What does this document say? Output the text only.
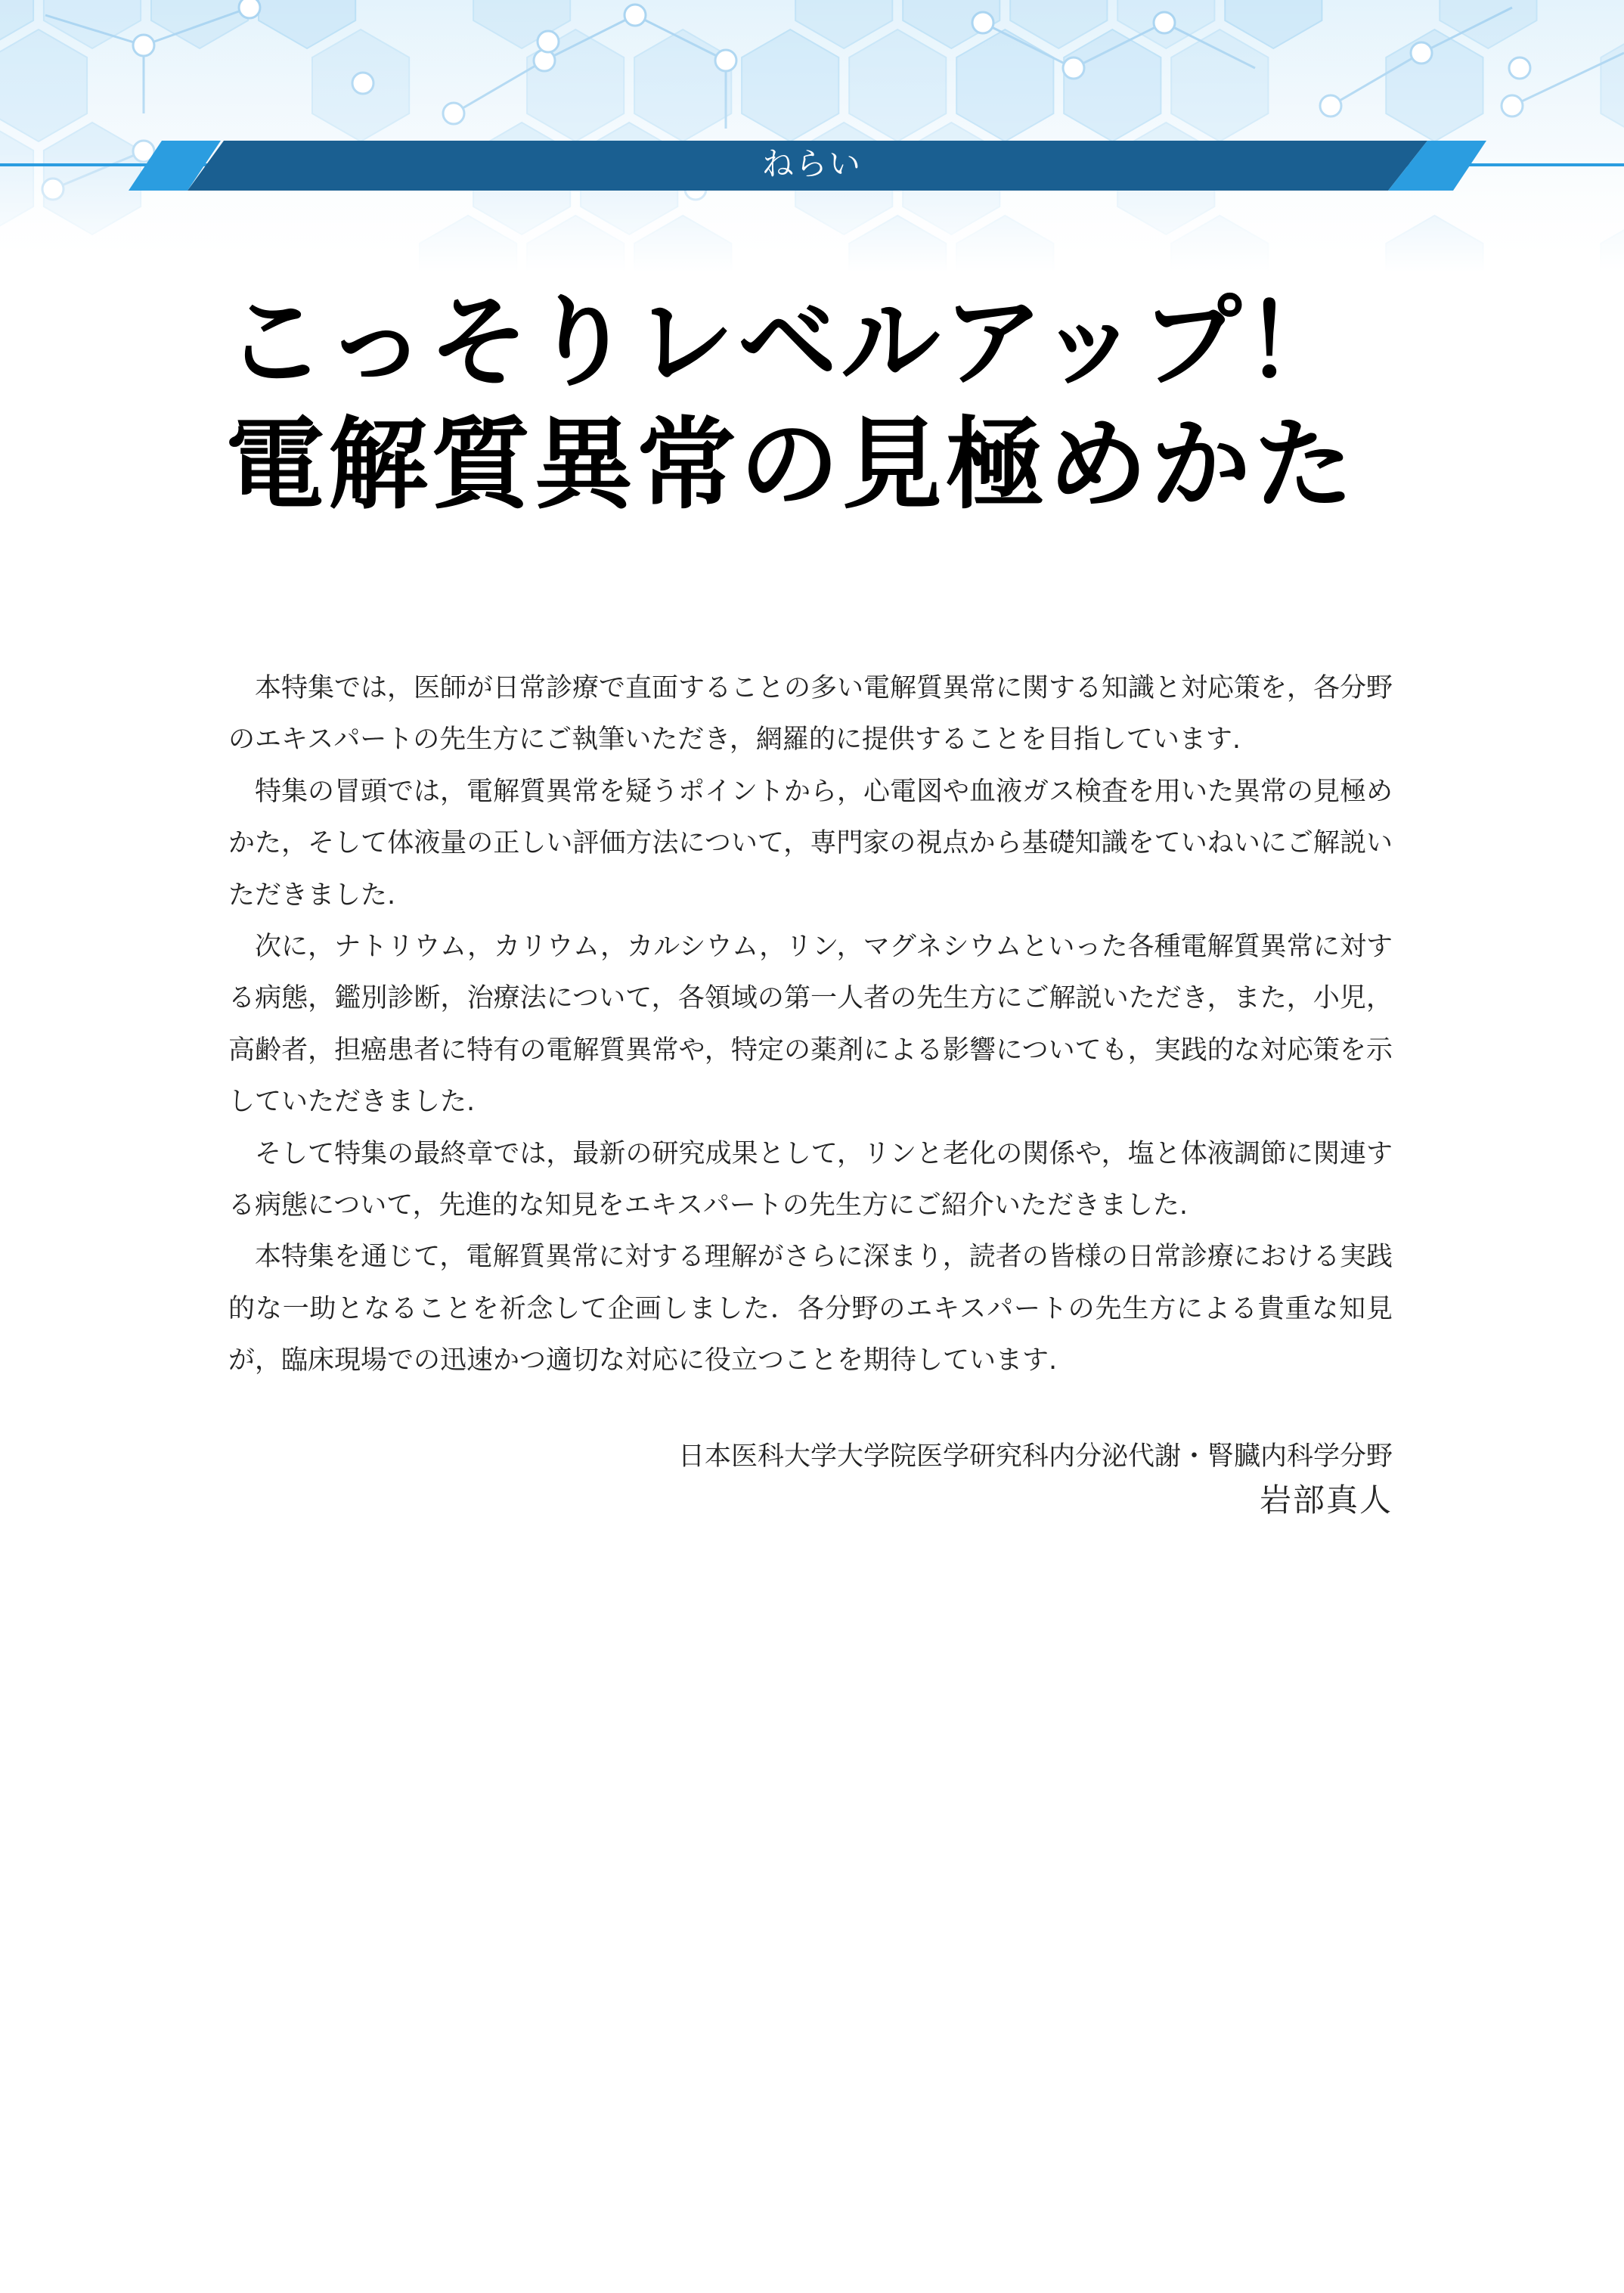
ねらい
こっそりレベルアップ！
電解質異常の見極めかた

本特集では，医師が日常診療で直面することの多い電解質異常に関する知識と対応策を，各分野のエキスパートの先生方にご執筆いただき，網羅的に提供することを目指しています.

特集の冒頭では，電解質異常を疑うポイントから，心電図や血液ガス検査を用いた異常の見極めかた，そして体液量の正しい評価方法について，専門家の視点から基礎知識をていねいにご解説いただきました.

次に，ナトリウム，カリウム，カルシウム，リン，マグネシウムといった各種電解質異常に対する病態，鑑別診断，治療法について，各領域の第一人者の先生方にご解説いただき，また，小児，高齢者，担癌患者に特有の電解質異常や，特定の薬剤による影響についても，実践的な対応策を示していただきました.

そして特集の最終章では，最新の研究成果として，リンと老化の関係や，塩と体液調節に関連する病態について，先進的な知見をエキスパートの先生方にご紹介いただきました.

本特集を通じて，電解質異常に対する理解がさらに深まり，読者の皆様の日常診療における実践的な一助となることを祈念して企画しました．各分野のエキスパートの先生方による貴重な知見が，臨床現場での迅速かつ適切な対応に役立つことを期待しています.

日本医科大学大学院医学研究科内分泌代謝・腎臓内科学分野
岩部真人
